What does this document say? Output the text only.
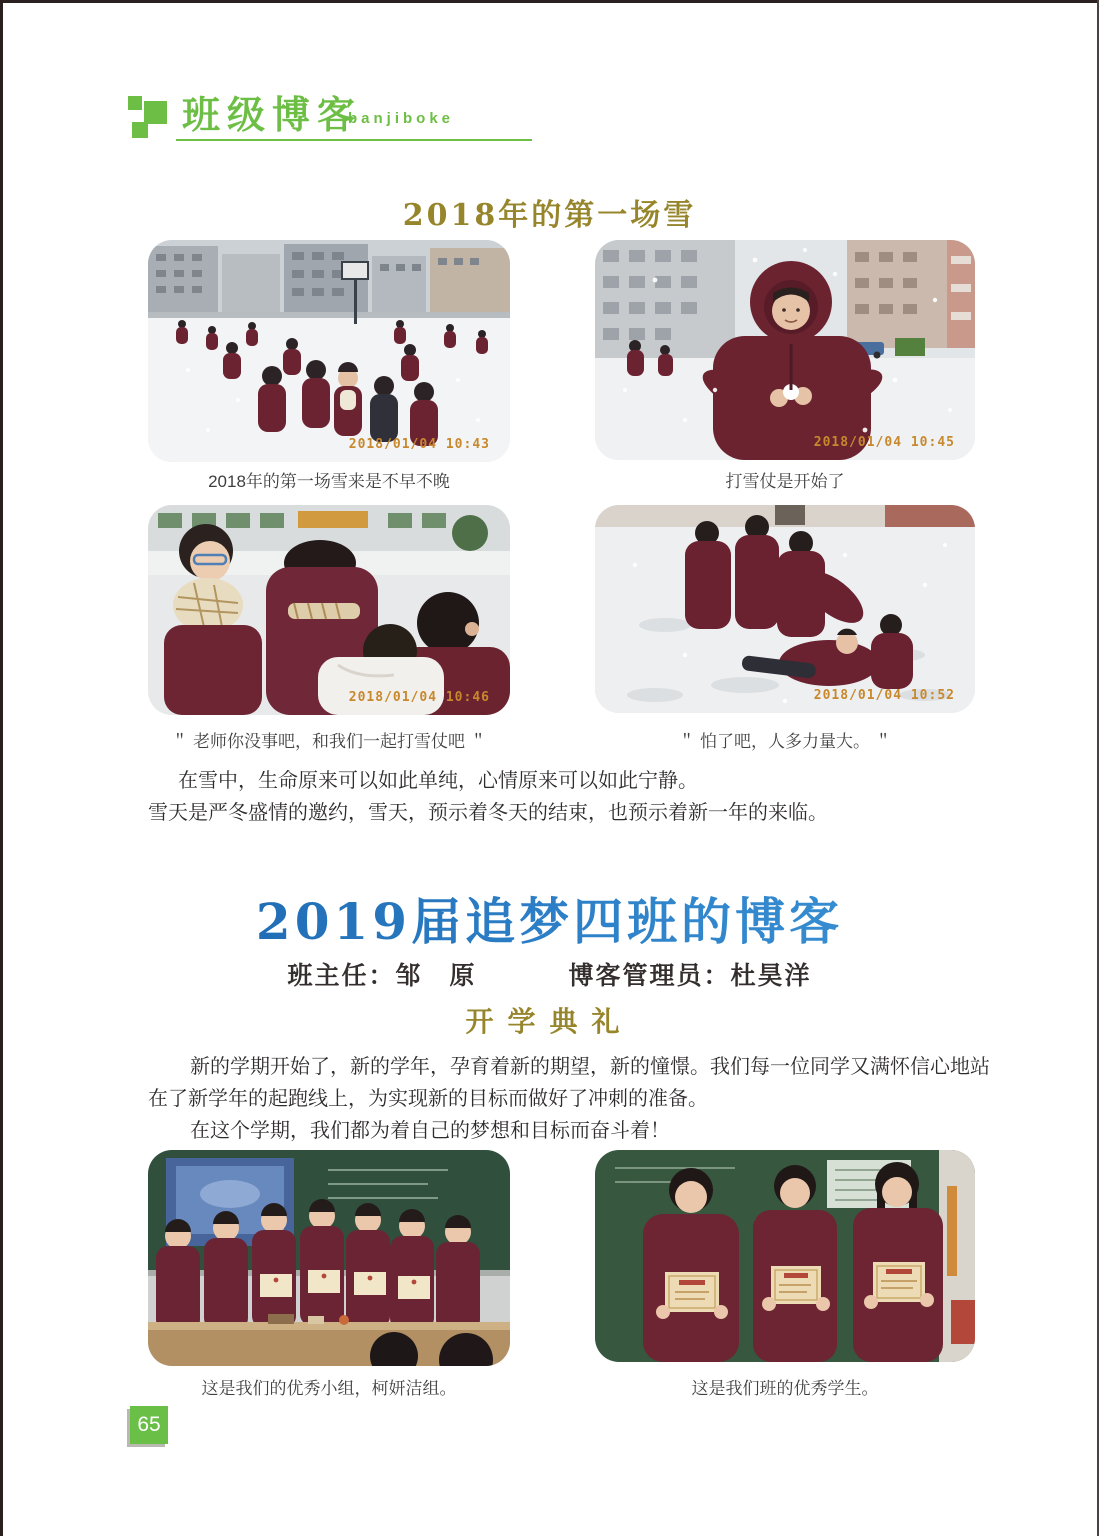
班级博客
banjiboke
2018年的第一场雪
2018/01/04 10:43	2018/01/04 10:45
2018年的第一场雪来是不早不晚	打雪仗是开始了
2018/01/04 10:46	2018/01/04 10:52
＂ 老师你没事吧，和我们一起打雪仗吧 ＂	＂ 怕了吧，人多力量大。 ＂
在雪中，生命原来可以如此单纯，心情原来可以如此宁静。
雪天是严冬盛情的邀约，雪天，预示着冬天的结束，也预示着新一年的来临。
2019届追梦四班的博客
班主任：邹　原	博客管理员：杜昊洋
开学典礼

新的学期开始了，新的学年，孕育着新的期望，新的憧憬。我们每一位同学又满怀信心地站在了新学年的起跑线上，为实现新的目标而做好了冲刺的准备。

在这个学期，我们都为着自己的梦想和目标而奋斗着！

这是我们的优秀小组，柯妍洁组。	这是我们班的优秀学生。
65
